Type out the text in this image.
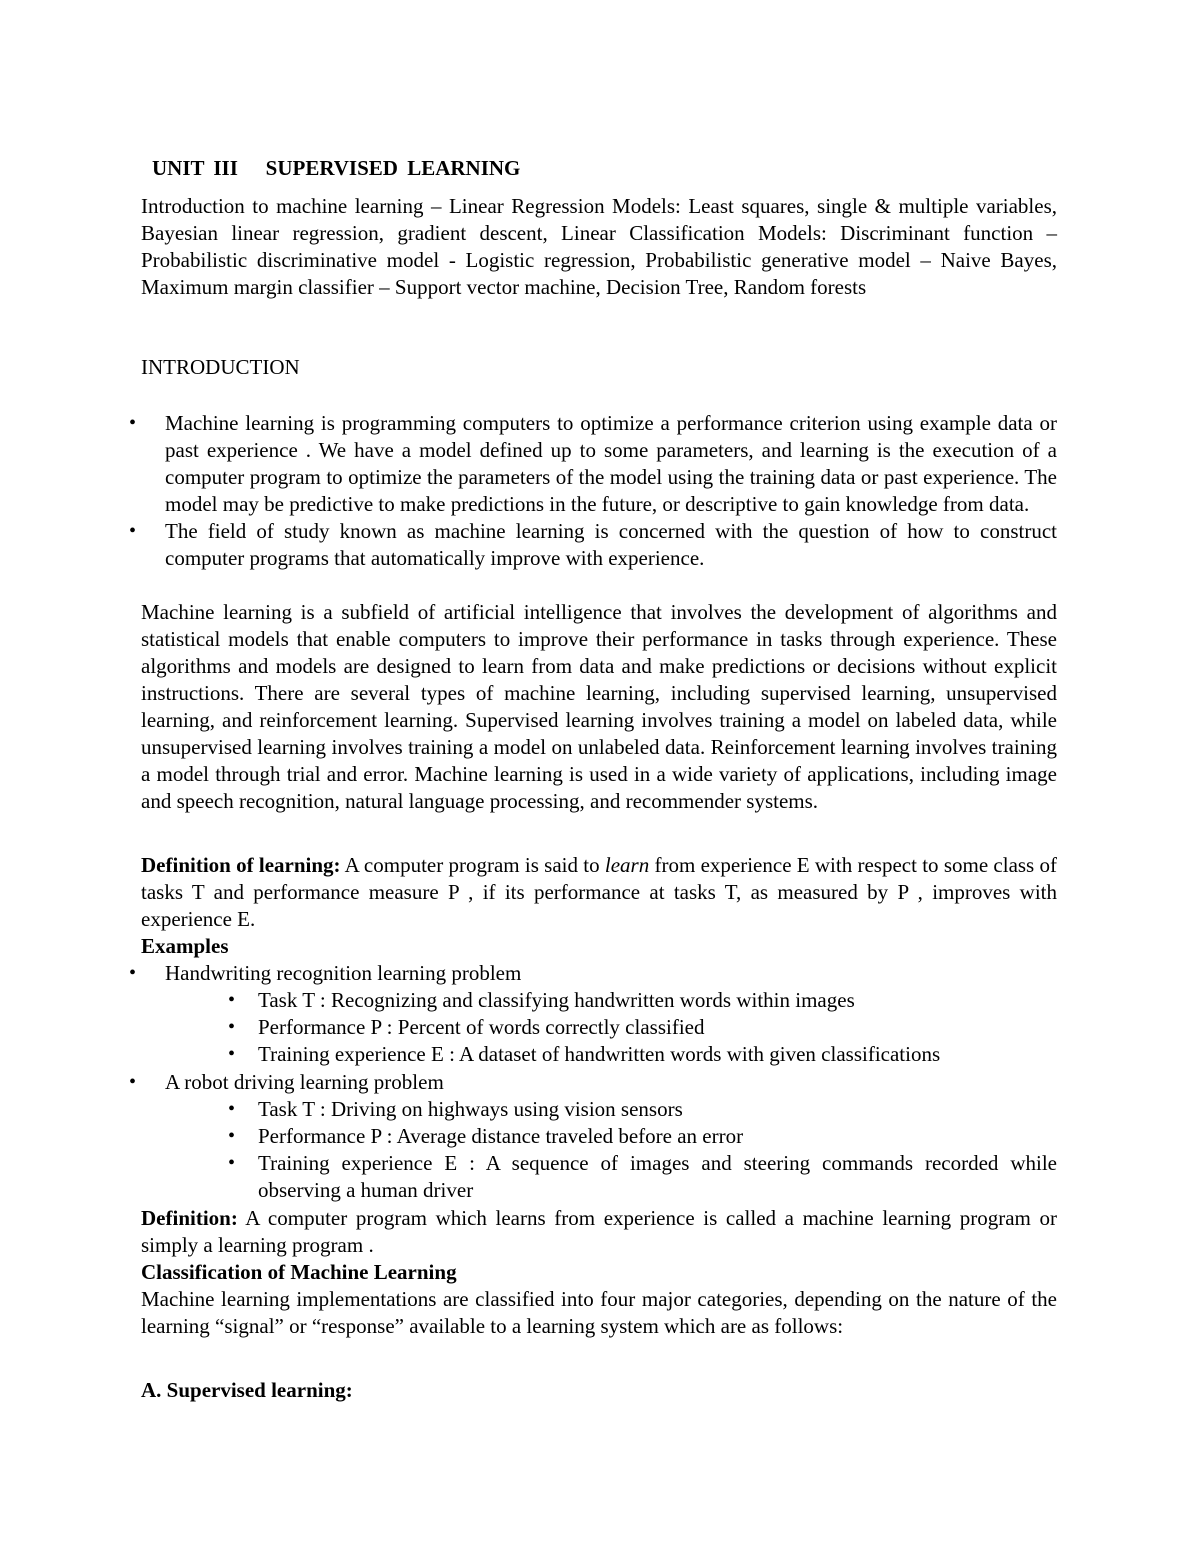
UNIT III   SUPERVISED LEARNING

Introduction to machine learning – Linear Regression Models: Least squares, single & multiple variables, Bayesian linear regression, gradient descent, Linear Classification Models: Discriminant function – Probabilistic discriminative model - Logistic regression, Probabilistic generative model – Naive Bayes, Maximum margin classifier – Support vector machine, Decision Tree, Random forests

INTRODUCTION
• Machine learning is programming computers to optimize a performance criterion using example data or past experience . We have a model defined up to some parameters, and learning is the execution of a computer program to optimize the parameters of the model using the training data or past experience. The model may be predictive to make predictions in the future, or descriptive to gain knowledge from data.
• The field of study known as machine learning is concerned with the question of how to construct computer programs that automatically improve with experience.

Machine learning is a subfield of artificial intelligence that involves the development of algorithms and statistical models that enable computers to improve their performance in tasks through experience. These algorithms and models are designed to learn from data and make predictions or decisions without explicit instructions. There are several types of machine learning, including supervised learning, unsupervised learning, and reinforcement learning. Supervised learning involves training a model on labeled data, while unsupervised learning involves training a model on unlabeled data. Reinforcement learning involves training a model through trial and error. Machine learning is used in a wide variety of applications, including image and speech recognition, natural language processing, and recommender systems.

Definition of learning: A computer program is said to learn from experience E with respect to some class of tasks T and performance measure P , if its performance at tasks T, as measured by P , improves with experience E.

Examples
• Handwriting recognition learning problem
• Task T : Recognizing and classifying handwritten words within images
• Performance P : Percent of words correctly classified
• Training experience E : A dataset of handwritten words with given classifications
• A robot driving learning problem
• Task T : Driving on highways using vision sensors
• Performance P : Average distance traveled before an error
• Training experience E : A sequence of images and steering commands recorded while observing a human driver

Definition: A computer program which learns from experience is called a machine learning program or simply a learning program .

Classification of Machine Learning

Machine learning implementations are classified into four major categories, depending on the nature of the learning “signal” or “response” available to a learning system which are as follows:

A. Supervised learning:
